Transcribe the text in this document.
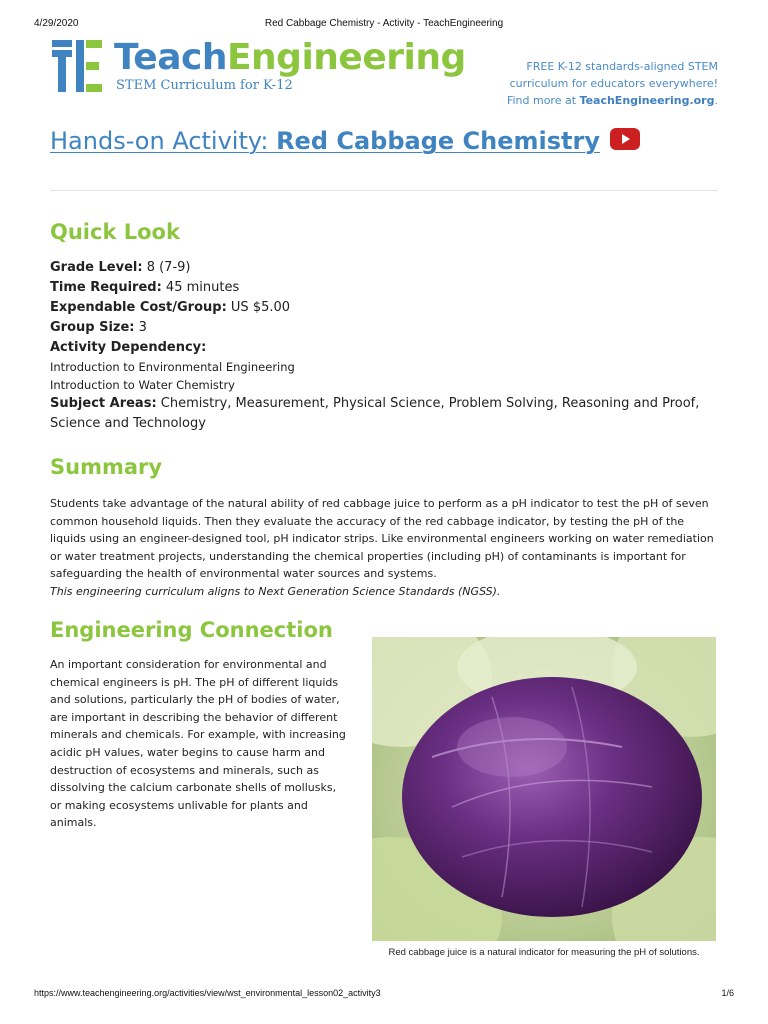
4/29/2020	Red Cabbage Chemistry - Activity - TeachEngineering
TeachEngineering
STEM Curriculum for K-12
FREE K-12 standards-aligned STEM
curriculum for educators everywhere!
Find more at TeachEngineering.org.
Hands-on Activity: Red Cabbage Chemistry
Quick Look
Grade Level: 8 (7-9)
Time Required: 45 minutes
Expendable Cost/Group: US $5.00
Group Size: 3
Activity Dependency:
Introduction to Environmental Engineering
Introduction to Water Chemistry
Subject Areas: Chemistry, Measurement, Physical Science, Problem Solving, Reasoning and Proof, Science and Technology
Summary
Students take advantage of the natural ability of red cabbage juice to perform as a pH indicator to test the pH of seven common household liquids. Then they evaluate the accuracy of the red cabbage indicator, by testing the pH of the liquids using an engineer-designed tool, pH indicator strips. Like environmental engineers working on water remediation or water treatment projects, understanding the chemical properties (including pH) of contaminants is important for safeguarding the health of environmental water sources and systems.
This engineering curriculum aligns to Next Generation Science Standards (NGSS).
Engineering Connection
An important consideration for environmental and chemical engineers is pH. The pH of different liquids and solutions, particularly the pH of bodies of water, are important in describing the behavior of different minerals and chemicals. For example, with increasing acidic pH values, water begins to cause harm and destruction of ecosystems and minerals, such as dissolving the calcium carbonate shells of mollusks, or making ecosystems unlivable for plants and animals.
Red cabbage juice is a natural indicator for measuring the pH of solutions.
https://www.teachengineering.org/activities/view/wst_environmental_lesson02_activity3	1/6
